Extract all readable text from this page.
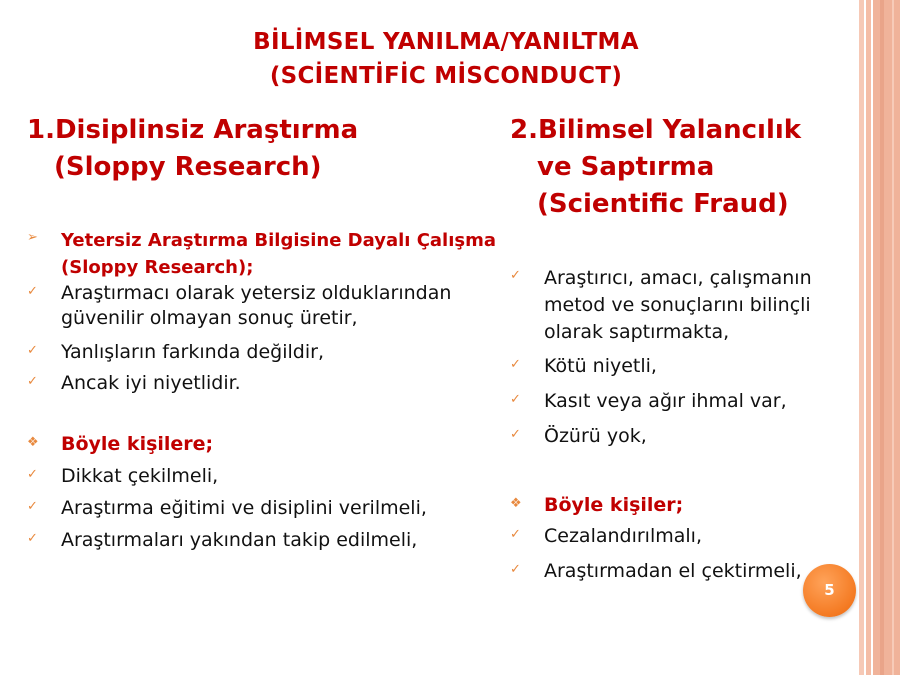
BİLİMSEL YANILMA/YANILTMA
(SCİENTİFİC MİSCONDUCT)
1.Disiplinsiz Araştırma
(Sloppy Research)
➢ Yetersiz Araştırma Bilgisine Dayalı Çalışma (Sloppy Research);
✓ Araştırmacı olarak yetersiz olduklarından güvenilir olmayan sonuç üretir,
✓ Yanlışların farkında değildir,
✓ Ancak iyi niyetlidir.
❖ Böyle kişilere;
✓ Dikkat çekilmeli,
✓ Araştırma eğitimi ve disiplini verilmeli,
✓ Araştırmaları yakından takip edilmeli,
2.Bilimsel Yalancılık
ve Saptırma
(Scientific Fraud)
✓ Araştırıcı, amacı, çalışmanın metod ve sonuçlarını bilinçli olarak saptırmakta,
✓ Kötü niyetli,
✓ Kasıt veya ağır ihmal var,
✓ Özürü yok,
❖ Böyle kişiler;
✓ Cezalandırılmalı,
✓ Araştırmadan el çektirmeli,
5
